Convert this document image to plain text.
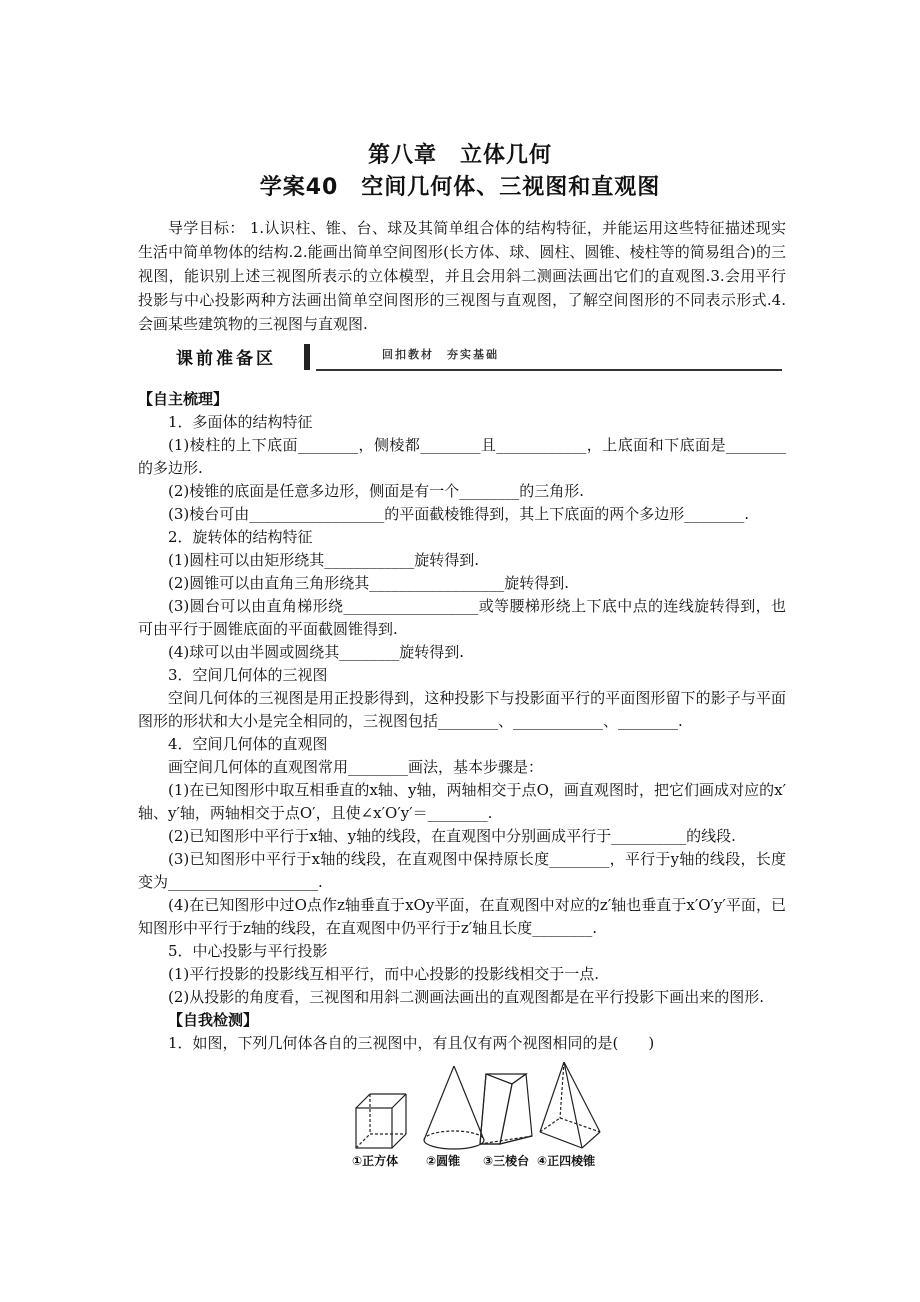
第八章　立体几何
学案40　空间几何体、三视图和直观图
导学目标： 1.认识柱、锥、台、球及其简单组合体的结构特征，并能运用这些特征描述现实生活中简单物体的结构.2.能画出简单空间图形(长方体、球、圆柱、圆锥、棱柱等的简易组合)的三视图，能识别上述三视图所表示的立体模型，并且会用斜二测画法画出它们的直观图.3.会用平行投影与中心投影两种方法画出简单空间图形的三视图与直观图，了解空间图形的不同表示形式.4.会画某些建筑物的三视图与直观图.
课前准备区	回扣教材　夯实基础

【自主梳理】

1．多面体的结构特征

(1)棱柱的上下底面________，侧棱都________且____________，上底面和下底面是________的多边形.

(2)棱锥的底面是任意多边形，侧面是有一个________的三角形.

(3)棱台可由__________________的平面截棱锥得到，其上下底面的两个多边形________.

2．旋转体的结构特征

(1)圆柱可以由矩形绕其____________旋转得到.

(2)圆锥可以由直角三角形绕其__________________旋转得到.

(3)圆台可以由直角梯形绕__________________或等腰梯形绕上下底中点的连线旋转得到，也可由平行于圆锥底面的平面截圆锥得到.

(4)球可以由半圆或圆绕其________旋转得到.

3．空间几何体的三视图

空间几何体的三视图是用正投影得到，这种投影下与投影面平行的平面图形留下的影子与平面图形的形状和大小是完全相同的，三视图包括________、____________、________.

4．空间几何体的直观图

画空间几何体的直观图常用________画法，基本步骤是：

(1)在已知图形中取互相垂直的x轴、y轴，两轴相交于点O，画直观图时，把它们画成对应的x′轴、y′轴，两轴相交于点O′，且使∠x′O′y′＝________.

(2)已知图形中平行于x轴、y轴的线段，在直观图中分别画成平行于__________的线段.

(3)已知图形中平行于x轴的线段，在直观图中保持原长度________，平行于y轴的线段，长度变为____________________.

(4)在已知图形中过O点作z轴垂直于xOy平面，在直观图中对应的z′轴也垂直于x′O′y′平面，已知图形中平行于z轴的线段，在直观图中仍平行于z′轴且长度________.

5．中心投影与平行投影

(1)平行投影的投影线互相平行，而中心投影的投影线相交于一点.

(2)从投影的角度看，三视图和用斜二测画法画出的直观图都是在平行投影下画出来的图形.

【自我检测】

1．如图，下列几何体各自的三视图中，有且仅有两个视图相同的是(　　)

①正方体 ②圆锥 ③三棱台 ④正四棱锥
